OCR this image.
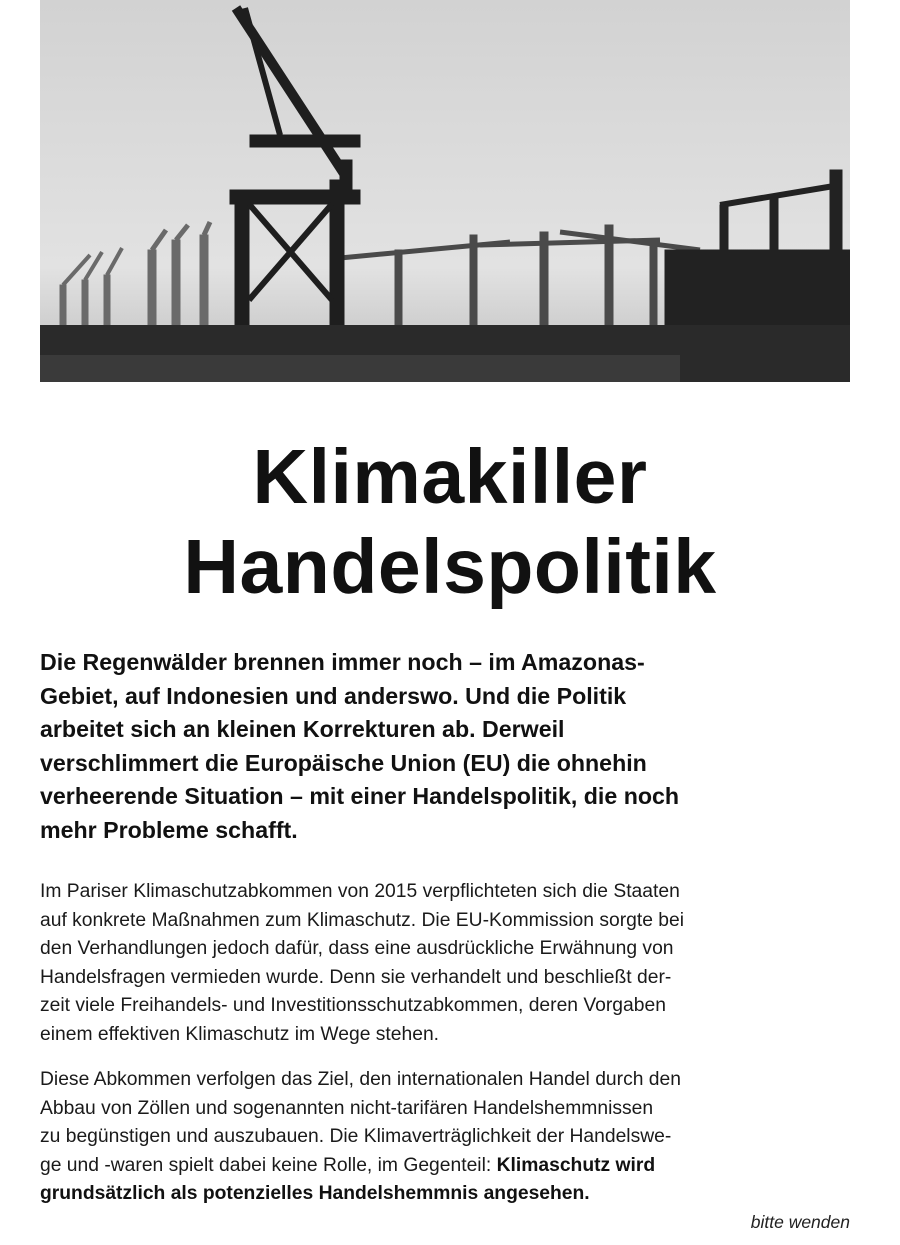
Klimakiller
Handelspolitik

Die Regenwälder brennen immer noch – im Amazonas-
Gebiet, auf Indonesien und anderswo. Und die Politik
arbeitet sich an kleinen Korrekturen ab. Derweil
verschlimmert die Europäische Union (EU) die ohnehin
verheerende Situation – mit einer Handelspolitik, die noch
mehr Probleme schafft.

Im Pariser Klimaschutzabkommen von 2015 verpflichteten sich die Staaten
auf konkrete Maßnahmen zum Klimaschutz. Die EU-Kommission sorgte bei
den Verhandlungen jedoch dafür, dass eine ausdrückliche Erwähnung von
Handelsfragen vermieden wurde. Denn sie verhandelt und beschließt der-
zeit viele Freihandels- und Investitionsschutzabkommen, deren Vorgaben
einem effektiven Klimaschutz im Wege stehen.

Diese Abkommen verfolgen das Ziel, den internationalen Handel durch den
Abbau von Zöllen und sogenannten nicht-tarifären Handelshemmnissen
zu begünstigen und auszubauen. Die Klimaverträglichkeit der Handelswe-
ge und -waren spielt dabei keine Rolle, im Gegenteil: Klimaschutz wird
grundsätzlich als potenzielles Handelshemmnis angesehen.

bitte wenden
